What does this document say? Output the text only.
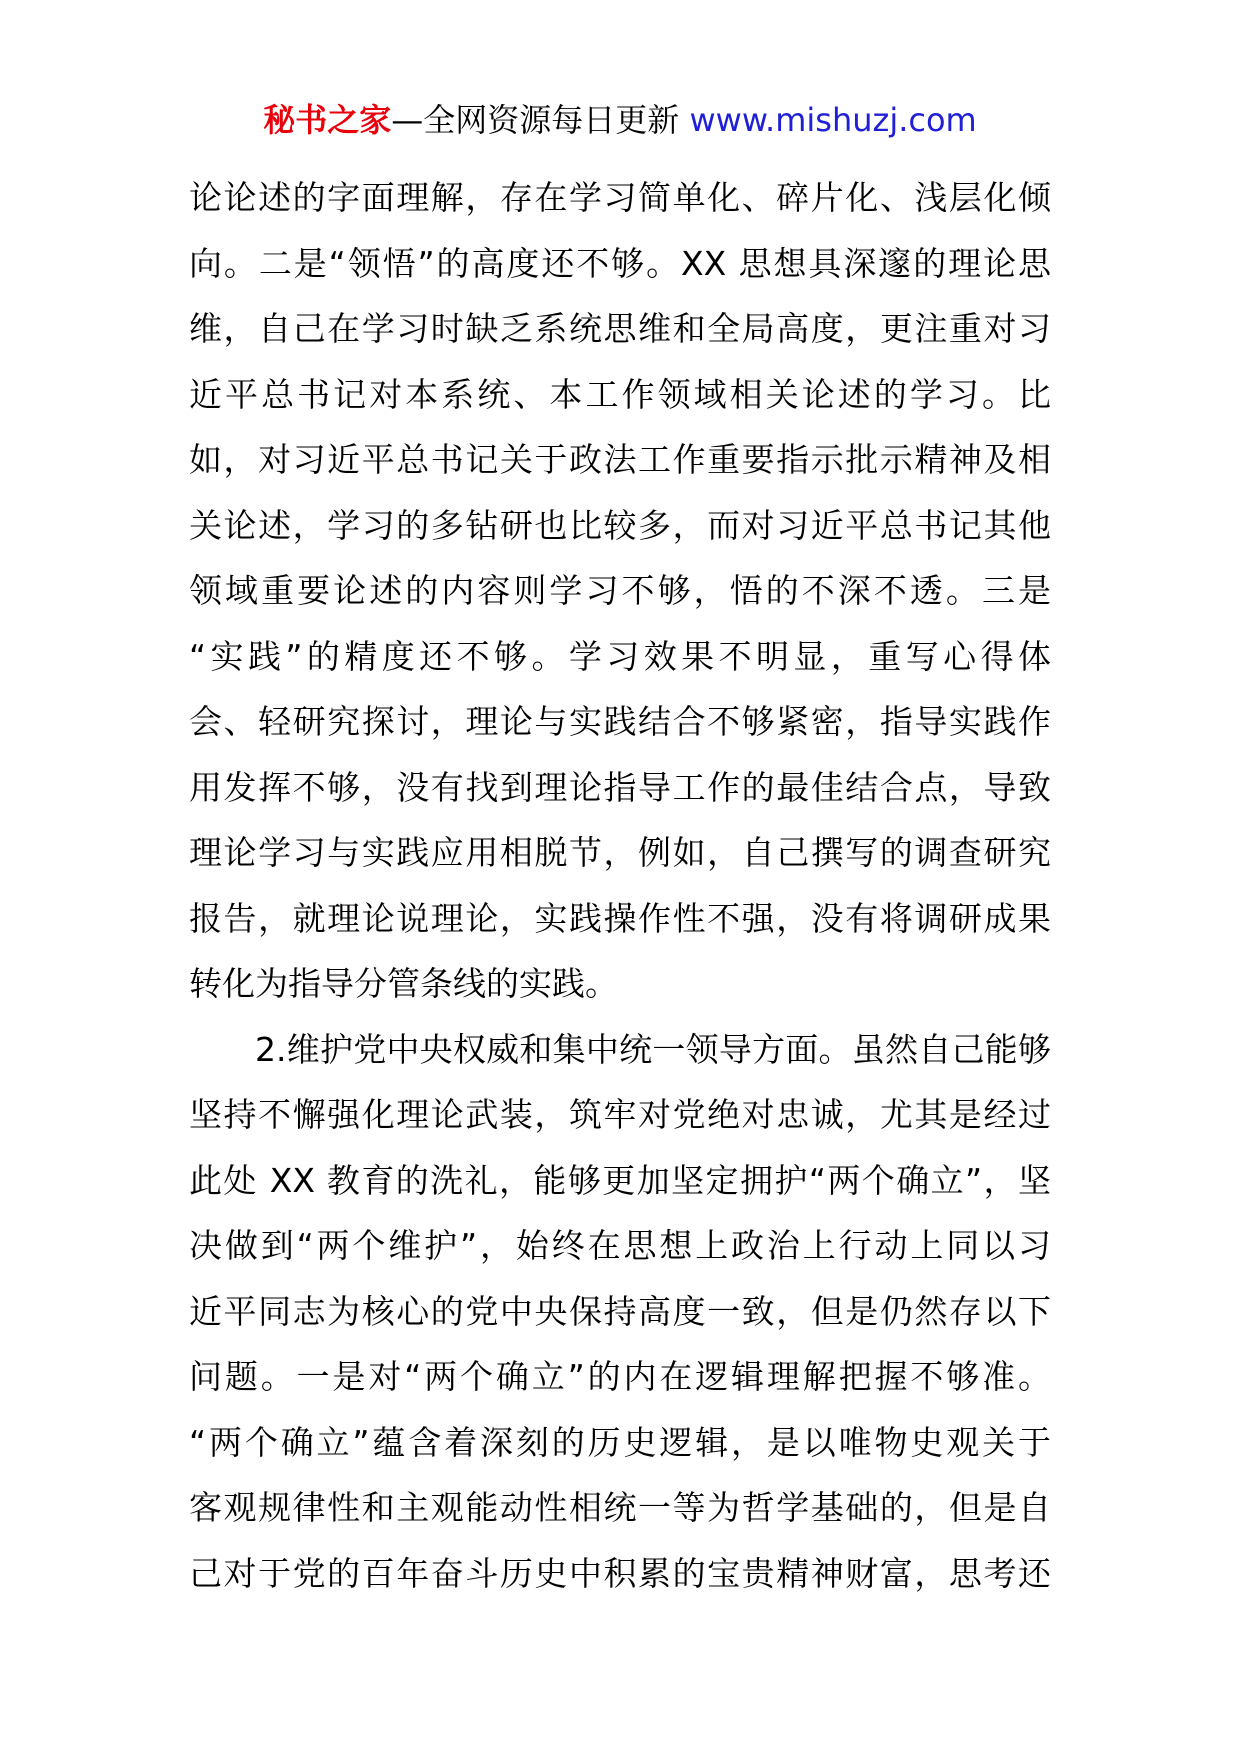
秘书之家—全网资源每日更新 www.mishuzj.com
论论述的字面理解，存在学习简单化、碎片化、浅层化倾
向。二是“领悟”的高度还不够。XX 思想具深邃的理论思
维，自己在学习时缺乏系统思维和全局高度，更注重对习
近平总书记对本系统、本工作领域相关论述的学习。比
如，对习近平总书记关于政法工作重要指示批示精神及相
关论述，学习的多钻研也比较多，而对习近平总书记其他
领域重要论述的内容则学习不够，悟的不深不透。三是
“实践”的精度还不够。学习效果不明显，重写心得体
会、轻研究探讨，理论与实践结合不够紧密，指导实践作
用发挥不够，没有找到理论指导工作的最佳结合点，导致
理论学习与实践应用相脱节，例如，自己撰写的调查研究
报告，就理论说理论，实践操作性不强，没有将调研成果
转化为指导分管条线的实践。
2.维护党中央权威和集中统一领导方面。虽然自己能够
坚持不懈强化理论武装，筑牢对党绝对忠诚，尤其是经过
此处 XX 教育的洗礼，能够更加坚定拥护“两个确立”，坚
决做到“两个维护”，始终在思想上政治上行动上同以习
近平同志为核心的党中央保持高度一致，但是仍然存以下
问题。一是对“两个确立”的内在逻辑理解把握不够准。
“两个确立”蕴含着深刻的历史逻辑，是以唯物史观关于
客观规律性和主观能动性相统一等为哲学基础的，但是自
己对于党的百年奋斗历史中积累的宝贵精神财富，思考还
